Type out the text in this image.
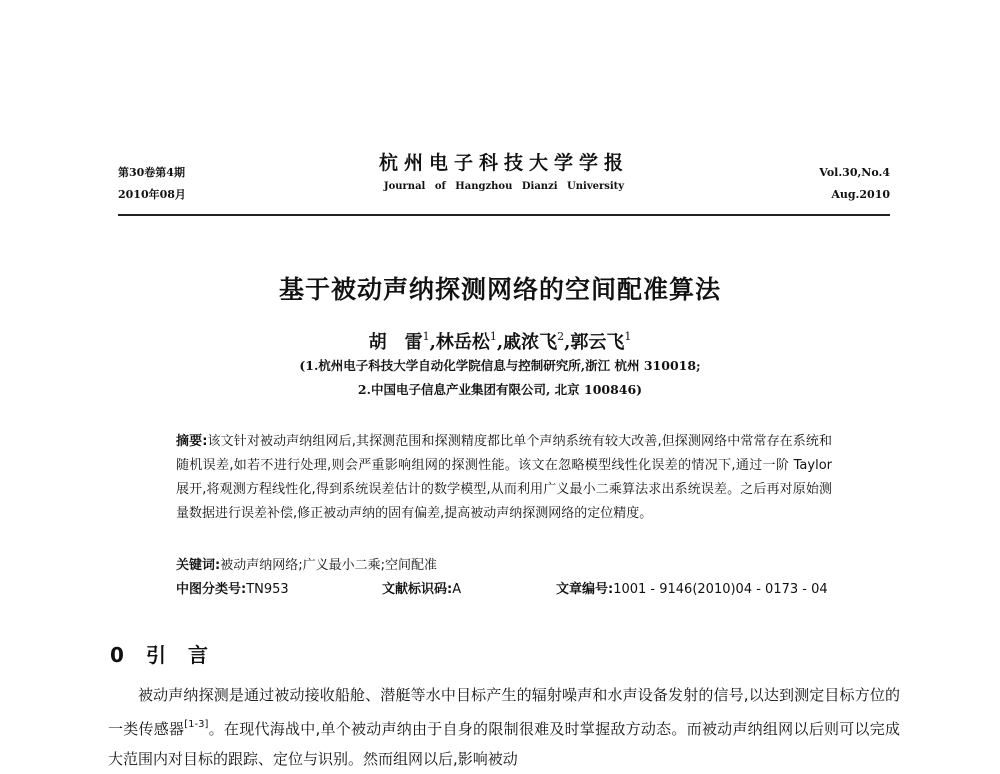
第30卷第4期
2010年08月
杭州电子科技大学学报
Journal of Hangzhou Dianzi University
Vol.30,No.4
Aug.2010
基于被动声纳探测网络的空间配准算法
胡　雷$^1$,林岳松$^1$,戚浓飞$^2$,郭云飞$^1$
(1.杭州电子科技大学自动化学院信息与控制研究所,浙江 杭州 310018;
2.中国电子信息产业集团有限公司, 北京 100846)
摘要:该文针对被动声纳组网后,其探测范围和探测精度都比单个声纳系统有较大改善,但探测网络中常常存在系统和随机误差,如若不进行处理,则会严重影响组网的探测性能。该文在忽略模型线性化误差的情况下,通过一阶 Taylor 展开,将观测方程线性化,得到系统误差估计的数学模型,从而利用广义最小二乘算法求出系统误差。之后再对原始测量数据进行误差补偿,修正被动声纳的固有偏差,提高被动声纳探测网络的定位精度。
关键词:被动声纳网络;广义最小二乘;空间配准
中图分类号:TN953	文献标识码:A	文章编号:1001 - 9146(2010)04 - 0173 - 04
0 引言
被动声纳探测是通过被动接收船舱、潜艇等水中目标产生的辐射噪声和水声设备发射的信号,以达到测定目标方位的一类传感器[1-3]。在现代海战中,单个被动声纳由于自身的限制很难及时掌握敌方动态。而被动声纳组网以后则可以完成大范围内对目标的跟踪、定位与识别。然而组网以后,影响被动
